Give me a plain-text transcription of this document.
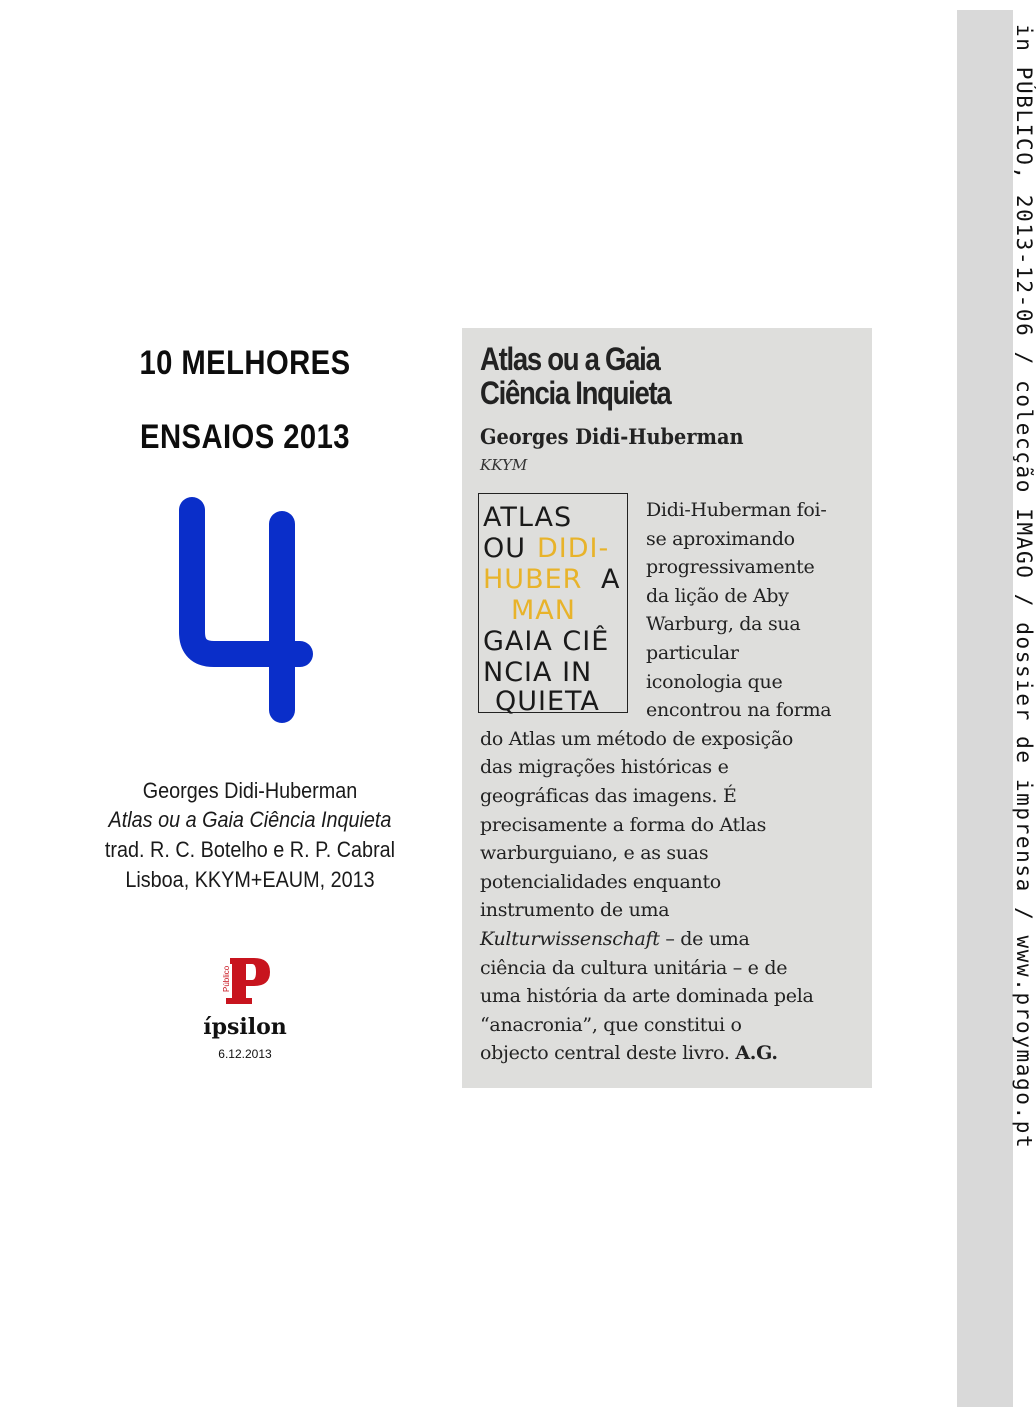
10 MELHORES
ENSAIOS 2013
Georges Didi-Huberman
Atlas ou a Gaia Ciência Inquieta
trad. R. C. Botelho e R. P. Cabral
Lisboa, KKYM+EAUM, 2013
Público
ípsilon
6.12.2013
Atlas ou a Gaia
Ciência Inquieta
Georges Didi-Huberman
KKYM
ATLAS
OU
A
GAIA CIÊ
NCIA IN
QUIETA
DIDI-
HUBER
MAN
Didi-Huberman foi-
se aproximando
progressivamente
da lição de Aby
Warburg, da sua
particular
iconologia que
encontrou na forma
do Atlas um método de exposição
das migrações históricas e
geográficas das imagens. É
precisamente a forma do Atlas
warburguiano, e as suas
potencialidades enquanto
instrumento de uma
Kulturwissenschaft – de uma
ciência da cultura unitária – e de
uma história da arte dominada pela
“anacronia”, que constitui o
objecto central deste livro. A.G.	in PÚBLICO, 2013-12-06 / colecção IMAGO / dossier de imprensa / www.proymago.pt
